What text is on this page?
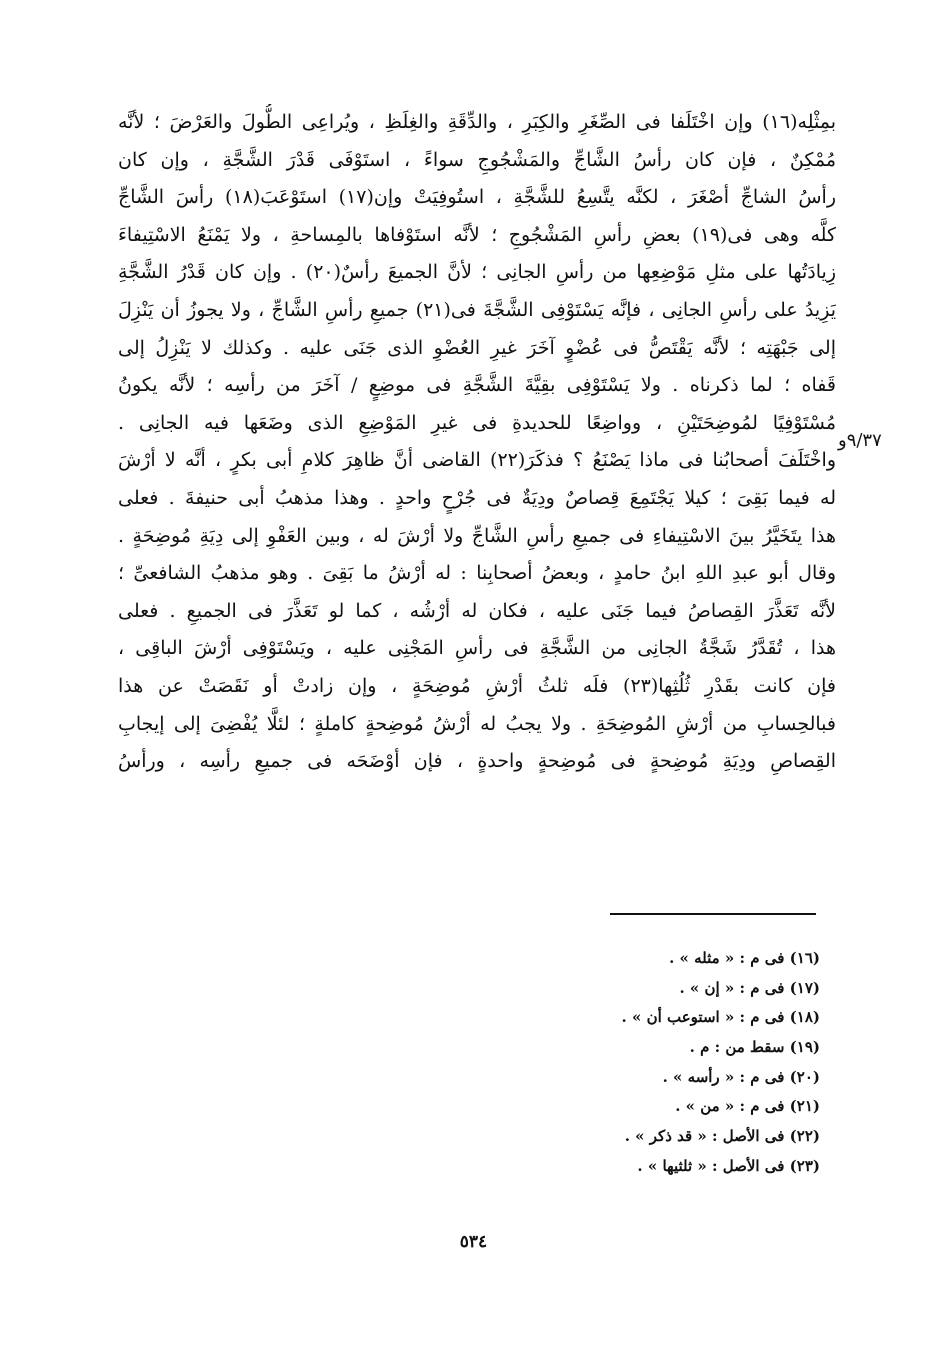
بمِثْلِه(١٦) وإن اخْتَلَفا فى الصِّغَرِ والكِبَرِ ، والدِّقَةِ والغِلَظِ ، ويُراعِى الطُّولَ والعَرْضَ ؛ لأنَّه
مُمْكِنٌ ، فإن كان رأسُ الشَّاجِّ والمَشْجُوجِ سواءً ، استَوْفَى قَدْرَ الشَّجَّةِ ، وإن كان
رأسُ الشاجِّ أصْغَرَ ، لكنَّه يتَّسِعُ للشَّجَّةِ ، استُوفِيَتْ وإن(١٧) استَوْعَبَ(١٨) رأسَ الشَّاجِّ
كلَّه وهى فى(١٩) بعضِ رأسِ المَشْجُوجِ ؛ لأنَّه استَوْفاها بالمِساحةِ ، ولا يَمْنَعُ الاسْتِيفاءَ
زِيادَتُها على مثلِ مَوْضِعِها من رأسِ الجانِى ؛ لأنَّ الجميعَ رأسٌ(٢٠) . وإن كان قَدْرُ الشَّجَّةِ
يَزِيدُ على رأسِ الجانِى ، فإنَّه يَسْتَوْفِى الشَّجَّةَ فى(٢١) جميعِ رأسِ الشَّاجِّ ، ولا يجوزُ أن يَنْزِلَ
إلى جَبْهَتِه ؛ لأنَّه يَقْتَصُّ فى عُضْوٍ آخَرَ غيرِ العُضْوِ الذى جَنَى عليه . وكذلك لا يَنْزِلُ إلى
قَفاه ؛ لما ذكرناه . ولا يَسْتَوْفِى بقِيَّةَ الشَّجَّةِ فى موضِعٍ / آخَرَ من رأسِه ؛ لأنَّه يكونُ
مُسْتَوْفِيًا لمُوضِحَتَيْنِ ، وواضِعًا للحديدةِ فى غيرِ المَوْضِعِ الذى وضَعَها فيه الجانِى .
واخْتَلَفَ أصحابُنا فى ماذا يَصْنَعُ ؟ فذكَرَ(٢٢) القاضى أنَّ ظاهِرَ كلامِ أبى بكرٍ ، أنَّه لا أرْشَ
له فيما بَقِىَ ؛ كيلا يَجْتَمِعَ قِصاصٌ ودِيَةٌ فى جُرْحٍ واحدٍ . وهذا مذهبُ أبى حنيفةَ . فعلى
هذا يتَخَيَّرُ بينَ الاسْتِيفاءِ فى جميعِ رأسِ الشَّاجِّ ولا أرْشَ له ، وبين العَفْوِ إلى دِيَةِ مُوضِحَةٍ .
وقال أبو عبدِ اللهِ ابنُ حامدٍ ، وبعضُ أصحابِنا : له أرْشُ ما بَقِىَ . وهو مذهبُ الشافعىِّ ؛
لأنَّه تَعَذَّرَ القِصاصُ فيما جَنَى عليه ، فكان له أرْشُه ، كما لو تَعَذَّرَ فى الجميعِ . فعلى
هذا ، تُقَدَّرُ شَجَّةُ الجانِى من الشَّجَّةِ فى رأسِ المَجْنِى عليه ، ويَسْتَوْفِى أرْشَ الباقِى ،
فإن كانت بقَدْرِ ثُلُثِها(٢٣) فلَه ثلثُ أرْشِ مُوضِحَةٍ ، وإن زادتْ أو نَقَصَتْ عن هذا
فبالحِسابِ من أرْشِ المُوضِحَةِ . ولا يجبُ له أرْشُ مُوضِحةٍ كاملةٍ ؛ لئلَّا يُفْضِىَ إلى إيجابِ
القِصاصِ ودِيَةِ مُوضِحةٍ فى مُوضِحةٍ واحدةٍ ، فإن أوْضَحَه فى جميعِ رأسِه ، ورأسُ
٩/٣٧و
(١٦) فى م : « مثله » .
(١٧) فى م : « إن » .
(١٨) فى م : « استوعب أن » .
(١٩) سقط من : م .
(٢٠) فى م : « رأسه » .
(٢١) فى م : « من » .
(٢٢) فى الأصل : « قد ذكر » .
(٢٣) فى الأصل : « ثلثيها » .
٥٣٤
